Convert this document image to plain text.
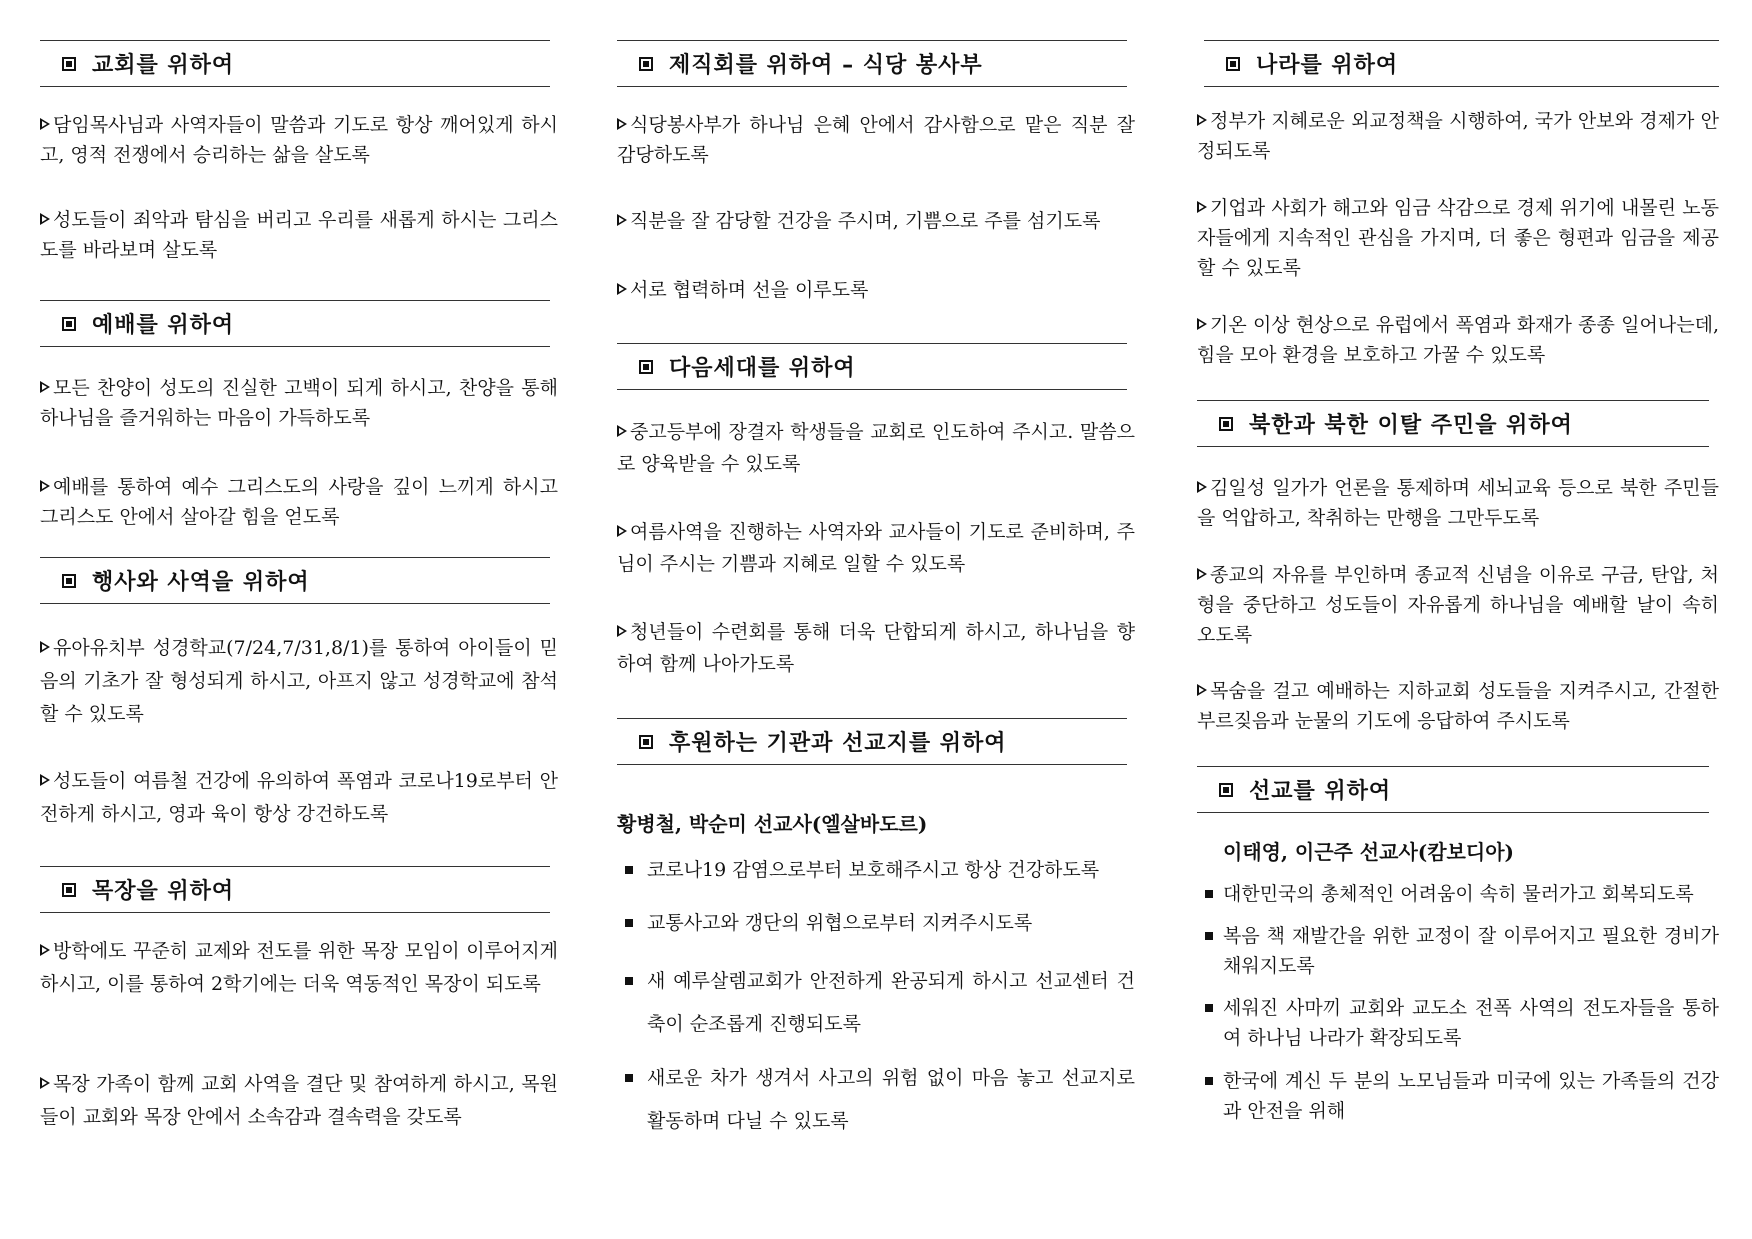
교회를 위하여
담임목사님과 사역자들이 말씀과 기도로 항상 깨어있게 하시고, 영적 전쟁에서 승리하는 삶을 살도록
성도들이 죄악과 탐심을 버리고 우리를 새롭게 하시는 그리스도를 바라보며 살도록
예배를 위하여
모든 찬양이 성도의 진실한 고백이 되게 하시고, 찬양을 통해 하나님을 즐거워하는 마음이 가득하도록
예배를 통하여 예수 그리스도의 사랑을 깊이 느끼게 하시고 그리스도 안에서 살아갈 힘을 얻도록
행사와 사역을 위하여
유아유치부 성경학교(7/24,7/31,8/1)를 통하여 아이들이 믿음의 기초가 잘 형성되게 하시고, 아프지 않고 성경학교에 참석할 수 있도록
성도들이 여름철 건강에 유의하여 폭염과 코로나19로부터 안전하게 하시고, 영과 육이 항상 강건하도록
목장을 위하여
방학에도 꾸준히 교제와 전도를 위한 목장 모임이 이루어지게 하시고, 이를 통하여 2학기에는 더욱 역동적인 목장이 되도록
목장 가족이 함께 교회 사역을 결단 및 참여하게 하시고, 목원들이 교회와 목장 안에서 소속감과 결속력을 갖도록
제직회를 위하여 – 식당 봉사부
식당봉사부가 하나님 은혜 안에서 감사함으로 맡은 직분 잘 감당하도록
직분을 잘 감당할 건강을 주시며, 기쁨으로 주를 섬기도록
서로 협력하며 선을 이루도록
다음세대를 위하여
중고등부에 장결자 학생들을 교회로 인도하여 주시고. 말씀으로 양육받을 수 있도록
여름사역을 진행하는 사역자와 교사들이 기도로 준비하며, 주님이 주시는 기쁨과 지혜로 일할 수 있도록
청년들이 수련회를 통해 더욱 단합되게 하시고, 하나님을 향하여 함께 나아가도록
후원하는 기관과 선교지를 위하여
황병철, 박순미 선교사(엘살바도르)
코로나19 감염으로부터 보호해주시고 항상 건강하도록
교통사고와 갱단의 위협으로부터 지켜주시도록
새 예루살렘교회가 안전하게 완공되게 하시고 선교센터 건축이 순조롭게 진행되도록
새로운 차가 생겨서 사고의 위험 없이 마음 놓고 선교지로 활동하며 다닐 수 있도록
나라를 위하여
정부가 지혜로운 외교정책을 시행하여, 국가 안보와 경제가 안정되도록
기업과 사회가 해고와 임금 삭감으로 경제 위기에 내몰린 노동자들에게 지속적인 관심을 가지며, 더 좋은 형편과 임금을 제공할 수 있도록
기온 이상 현상으로 유럽에서 폭염과 화재가 종종 일어나는데, 힘을 모아 환경을 보호하고 가꿀 수 있도록
북한과 북한 이탈 주민을 위하여
김일성 일가가 언론을 통제하며 세뇌교육 등으로 북한 주민들을 억압하고, 착취하는 만행을 그만두도록
종교의 자유를 부인하며 종교적 신념을 이유로 구금, 탄압, 처형을 중단하고 성도들이 자유롭게 하나님을 예배할 날이 속히 오도록
목숨을 걸고 예배하는 지하교회 성도들을 지켜주시고, 간절한 부르짖음과 눈물의 기도에 응답하여 주시도록
선교를 위하여
이태영, 이근주 선교사(캄보디아)
대한민국의 총체적인 어려움이 속히 물러가고 회복되도록
복음 책 재발간을 위한 교정이 잘 이루어지고 필요한 경비가 채워지도록
세워진 사마끼 교회와 교도소 전폭 사역의 전도자들을 통하여 하나님 나라가 확장되도록
한국에 계신 두 분의 노모님들과 미국에 있는 가족들의 건강과 안전을 위해
